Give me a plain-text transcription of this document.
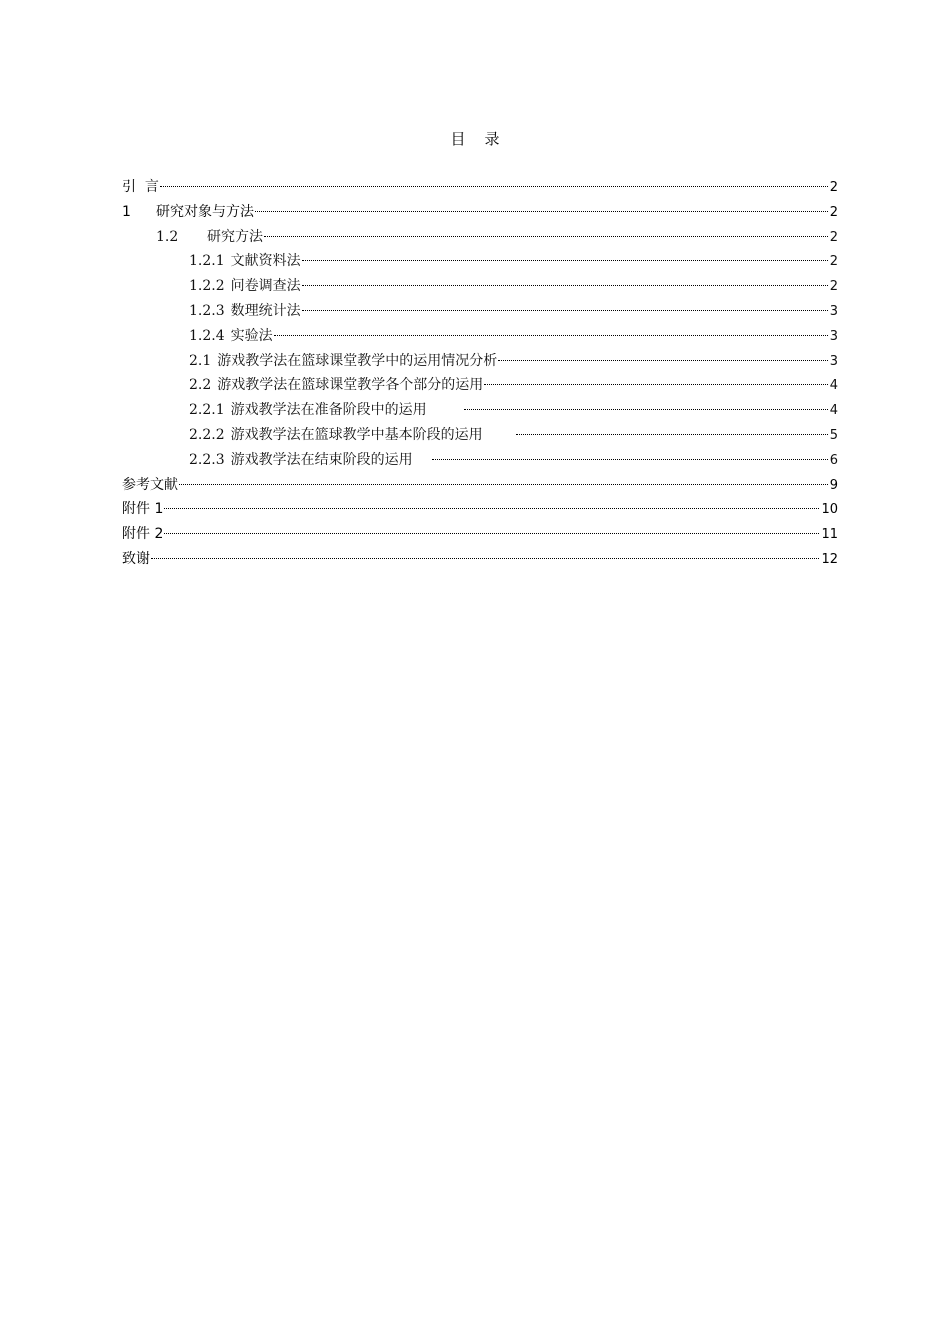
目    录
引  言	2
1	研究对象与方法	2
1.2	研究方法	2
1.2.1 文献资料法	2
1.2.2 问卷调查法	2
1.2.3 数理统计法	3
1.2.4 实验法	3
2.1 游戏教学法在篮球课堂教学中的运用情况分析	3
2.2 游戏教学法在篮球课堂教学各个部分的运用	4
2.2.1 游戏教学法在准备阶段中的运用	4
2.2.2 游戏教学法在篮球教学中基本阶段的运用	5
2.2.3 游戏教学法在结束阶段的运用	6
参考文献	9
附件 1	10
附件 2	11
致谢	12
